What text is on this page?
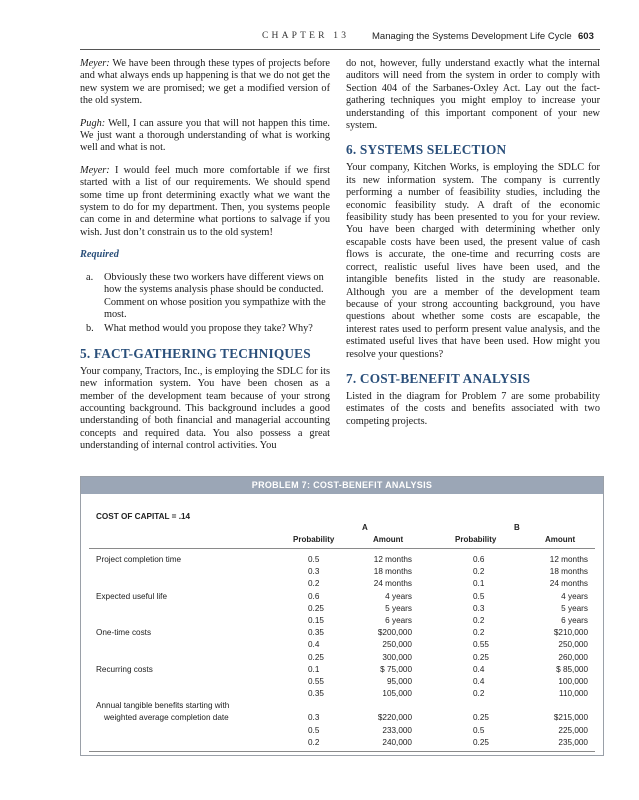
CHAPTER 13 Managing the Systems Development Life Cycle 603

Meyer: We have been through these types of projects before and what always ends up happening is that we do not get the new system we are promised; we get a modified version of the old system.

Pugh: Well, I can assure you that will not happen this time. We just want a thorough understanding of what is working well and what is not.

Meyer: I would feel much more comfortable if we first started with a list of our requirements. We should spend some time up front determining exactly what we want the system to do for my department. Then, you systems people can come in and determine what portions to salvage if you wish. Just don’t constrain us to the old system!

Required

a. Obviously these two workers have different views on how the systems analysis phase should be conducted. Comment on whose position you sympathize with the most.
b. What method would you propose they take? Why?
5. FACT-GATHERING TECHNIQUES

Your company, Tractors, Inc., is employing the SDLC for its new information system. You have been chosen as a member of the development team because of your strong accounting background. This background includes a good understanding of both financial and managerial accounting concepts and required data. You also possess a great understanding of internal control activities. You

do not, however, fully understand exactly what the internal auditors will need from the system in order to comply with Section 404 of the Sarbanes-Oxley Act. Lay out the fact-gathering techniques you might employ to increase your understanding of this important component of your new system.

6. SYSTEMS SELECTION

Your company, Kitchen Works, is employing the SDLC for its new information system. The company is currently performing a number of feasibility studies, including the economic feasibility study. A draft of the economic feasibility study has been presented to you for your review. You have been charged with determining whether only escapable costs have been used, the present value of cash flows is accurate, the one-time and recurring costs are correct, realistic useful lives have been used, and the intangible benefits listed in the study are reasonable. Although you are a member of the development team because of your strong accounting background, you have questions about whether some costs are escapable, the interest rates used to perform present value analysis, and the estimated useful lives that have been used. How might you resolve your questions?

7. COST-BENEFIT ANALYSIS

Listed in the diagram for Problem 7 are some probability estimates of the costs and benefits associated with two competing projects.

PROBLEM 7: COST-BENEFIT ANALYSIS
COST OF CAPITAL = .14
A	B
Probability	Amount	Probability	Amount
Project completion time	0.5	12 months	0.6	12 months
0.3	18 months	0.2	18 months
0.2	24 months	0.1	24 months
Expected useful life	0.6	4 years	0.5	4 years
0.25	5 years	0.3	5 years
0.15	6 years	0.2	6 years
One-time costs	0.35	$200,000	0.2	$210,000
0.4	250,000	0.55	250,000
0.25	300,000	0.25	260,000
Recurring costs	0.1	$ 75,000	0.4	$ 85,000
0.55	95,000	0.4	100,000
0.35	105,000	0.2	110,000
Annual tangible benefits starting with
weighted average completion date	0.3	$220,000	0.25	$215,000
0.5	233,000	0.5	225,000
0.2	240,000	0.25	235,000
